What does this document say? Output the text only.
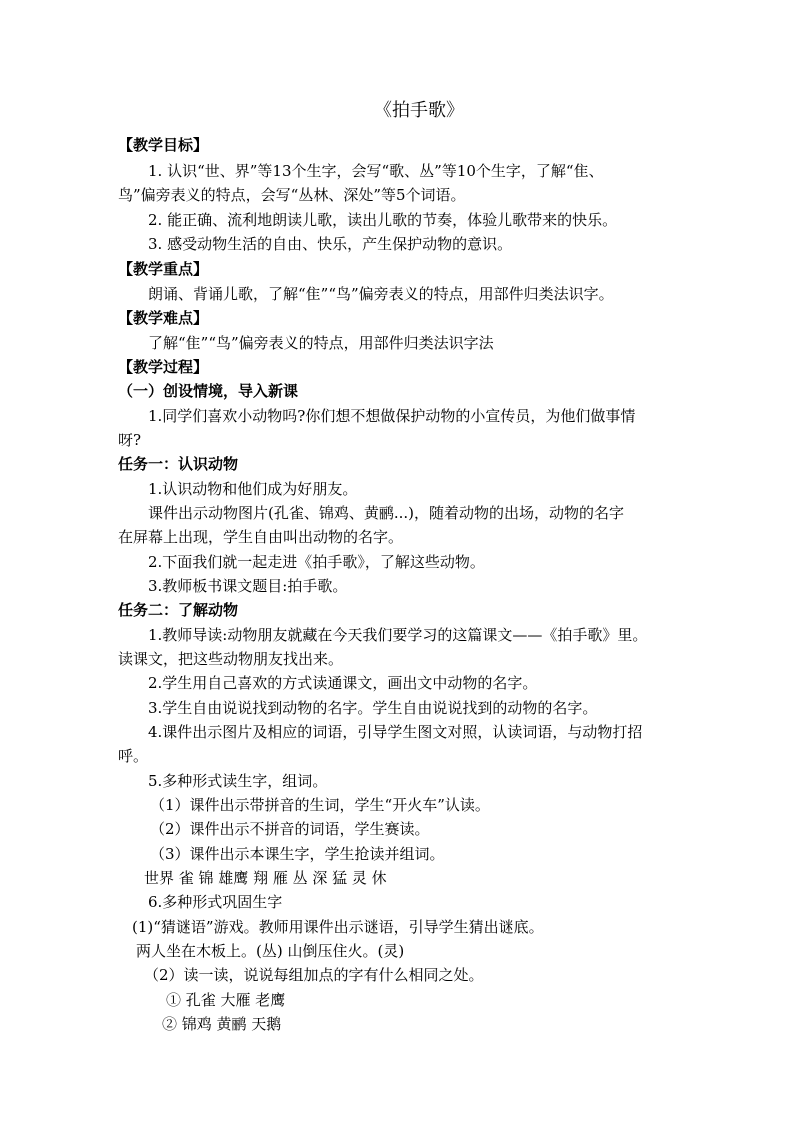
《拍手歌》
【教学目标】
1. 认识“世、界”等13个生字，会写“歌、丛”等10个生字，了解“隹、
鸟”偏旁表义的特点，会写“丛林、深处”等5个词语。
2. 能正确、流利地朗读儿歌，读出儿歌的节奏，体验儿歌带来的快乐。
3. 感受动物生活的自由、快乐，产生保护动物的意识。
【教学重点】
朗诵、背诵儿歌，了解“隹”“鸟”偏旁表义的特点，用部件归类法识字。
【教学难点】
了解“隹”“鸟”偏旁表义的特点，用部件归类法识字法
【教学过程】
（一）创设情境，导入新课
1.同学们喜欢小动物吗?你们想不想做保护动物的小宣传员，为他们做事情
呀?
任务一：认识动物
1.认识动物和他们成为好朋友。
课件出示动物图片(孔雀、锦鸡、黄鹂...)，随着动物的出场，动物的名字
在屏幕上出现，学生自由叫出动物的名字。
2.下面我们就一起走进《拍手歌》，了解这些动物。
3.教师板书课文题目:拍手歌。
任务二：了解动物
1.教师导读:动物朋友就藏在今天我们要学习的这篇课文——《拍手歌》里。
读课文，把这些动物朋友找出来。
2.学生用自己喜欢的方式读通课文，画出文中动物的名字。
3.学生自由说说找到动物的名字。学生自由说说找到的动物的名字。
4.课件出示图片及相应的词语，引导学生图文对照，认读词语，与动物打招
呼。
5.多种形式读生字，组词。
（1）课件出示带拼音的生词，学生“开火车”认读。
（2）课件出示不拼音的词语，学生赛读。
（3）课件出示本课生字，学生抢读并组词。
世界 雀 锦 雄鹰 翔 雁 丛 深 猛 灵 休
6.多种形式巩固生字
(1)“猜谜语”游戏。教师用课件出示谜语，引导学生猜出谜底。
两人坐在木板上。(丛) 山倒压住火。(灵)
（2）读一读，说说每组加点的字有什么相同之处。
① 孔雀 大雁 老鹰
② 锦鸡 黄鹂 天鹅
